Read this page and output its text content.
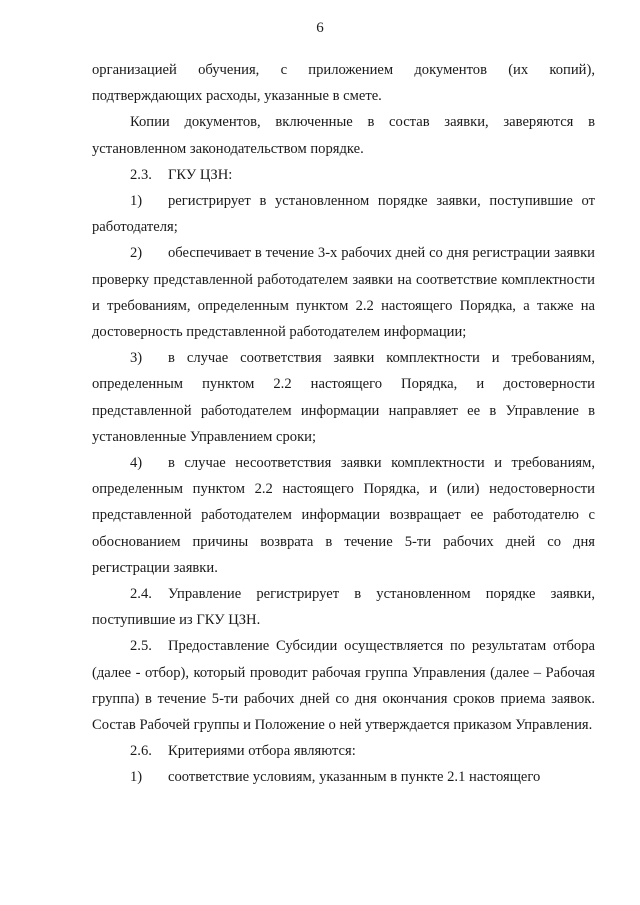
6

организацией обучения, с приложением документов (их копий), подтверждающих расходы, указанные в смете.

Копии документов, включенные в состав заявки, заверяются в установленном законодательством порядке.

2.3. ГКУ ЦЗН:

1) регистрирует в установленном порядке заявки, поступившие от работодателя;

2) обеспечивает в течение 3-х рабочих дней со дня регистрации заявки проверку представленной работодателем заявки на соответствие комплектности и требованиям, определенным пунктом 2.2 настоящего Порядка, а также на достоверность представленной работодателем информации;

3) в случае соответствия заявки комплектности и требованиям, определенным пунктом 2.2 настоящего Порядка, и достоверности представленной работодателем информации направляет ее в Управление в установленные Управлением сроки;

4) в случае несоответствия заявки комплектности и требованиям, определенным пунктом 2.2 настоящего Порядка, и (или) недостоверности представленной работодателем информации возвращает ее работодателю с обоснованием причины возврата в течение 5-ти рабочих дней со дня регистрации заявки.

2.4. Управление регистрирует в установленном порядке заявки, поступившие из ГКУ ЦЗН.

2.5. Предоставление Субсидии осуществляется по результатам отбора (далее - отбор), который проводит рабочая группа Управления (далее – Рабочая группа) в течение 5-ти рабочих дней со дня окончания сроков приема заявок. Состав Рабочей группы и Положение о ней утверждается приказом Управления.

2.6. Критериями отбора являются:

1) соответствие условиям, указанным в пункте 2.1 настоящего
